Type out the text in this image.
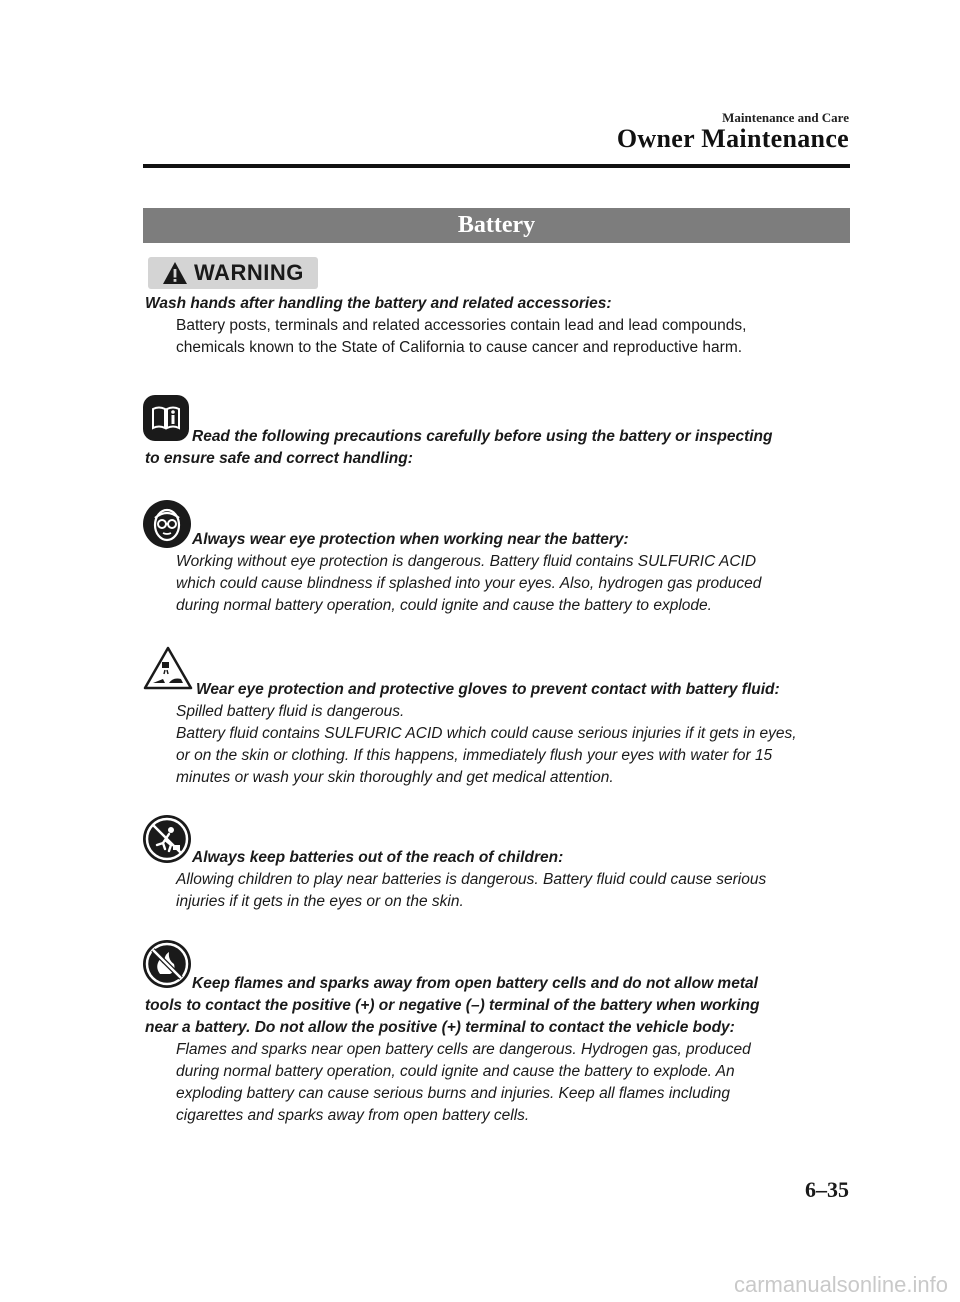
Maintenance and Care
Owner Maintenance
Battery
WARNING
Wash hands after handling the battery and related accessories:
Battery posts, terminals and related accessories contain lead and lead compounds,
chemicals known to the State of California to cause cancer and reproductive harm.
Read the following precautions carefully before using the battery or inspecting
to ensure safe and correct handling:
Always wear eye protection when working near the battery:
Working without eye protection is dangerous. Battery fluid contains SULFURIC ACID
which could cause blindness if splashed into your eyes. Also, hydrogen gas produced
during normal battery operation, could ignite and cause the battery to explode.
Wear eye protection and protective gloves to prevent contact with battery fluid:
Spilled battery fluid is dangerous.
Battery fluid contains SULFURIC ACID which could cause serious injuries if it gets in eyes,
or on the skin or clothing. If this happens, immediately flush your eyes with water for 15
minutes or wash your skin thoroughly and get medical attention.
Always keep batteries out of the reach of children:
Allowing children to play near batteries is dangerous. Battery fluid could cause serious
injuries if it gets in the eyes or on the skin.
Keep flames and sparks away from open battery cells and do not allow metal
tools to contact the positive (+) or negative (–) terminal of the battery when working
near a battery. Do not allow the positive (+) terminal to contact the vehicle body:
Flames and sparks near open battery cells are dangerous. Hydrogen gas, produced
during normal battery operation, could ignite and cause the battery to explode. An
exploding battery can cause serious burns and injuries. Keep all flames including
cigarettes and sparks away from open battery cells.
6–35
carmanualsonline.info
